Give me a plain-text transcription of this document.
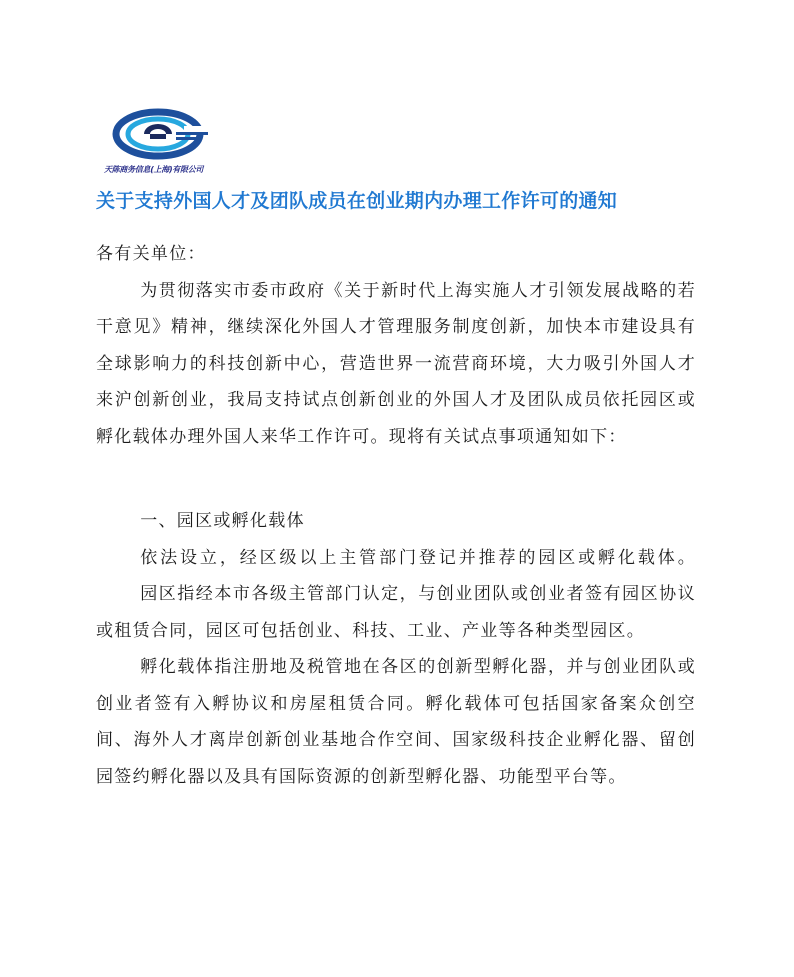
天陈商务信息(上海)有限公司
关于支持外国人才及团队成员在创业期内办理工作许可的通知

各有关单位：

为贯彻落实市委市政府《关于新时代上海实施人才引领发展战略的若干意见》精神，继续深化外国人才管理服务制度创新，加快本市建设具有全球影响力的科技创新中心，营造世界一流营商环境，大力吸引外国人才来沪创新创业，我局支持试点创新创业的外国人才及团队成员依托园区或孵化载体办理外国人来华工作许可。现将有关试点事项通知如下：

一、园区或孵化载体

依法设立，经区级以上主管部门登记并推荐的园区或孵化载体。

园区指经本市各级主管部门认定，与创业团队或创业者签有园区协议或租赁合同，园区可包括创业、科技、工业、产业等各种类型园区。

孵化载体指注册地及税管地在各区的创新型孵化器，并与创业团队或创业者签有入孵协议和房屋租赁合同。孵化载体可包括国家备案众创空间、海外人才离岸创新创业基地合作空间、国家级科技企业孵化器、留创园签约孵化器以及具有国际资源的创新型孵化器、功能型平台等。
